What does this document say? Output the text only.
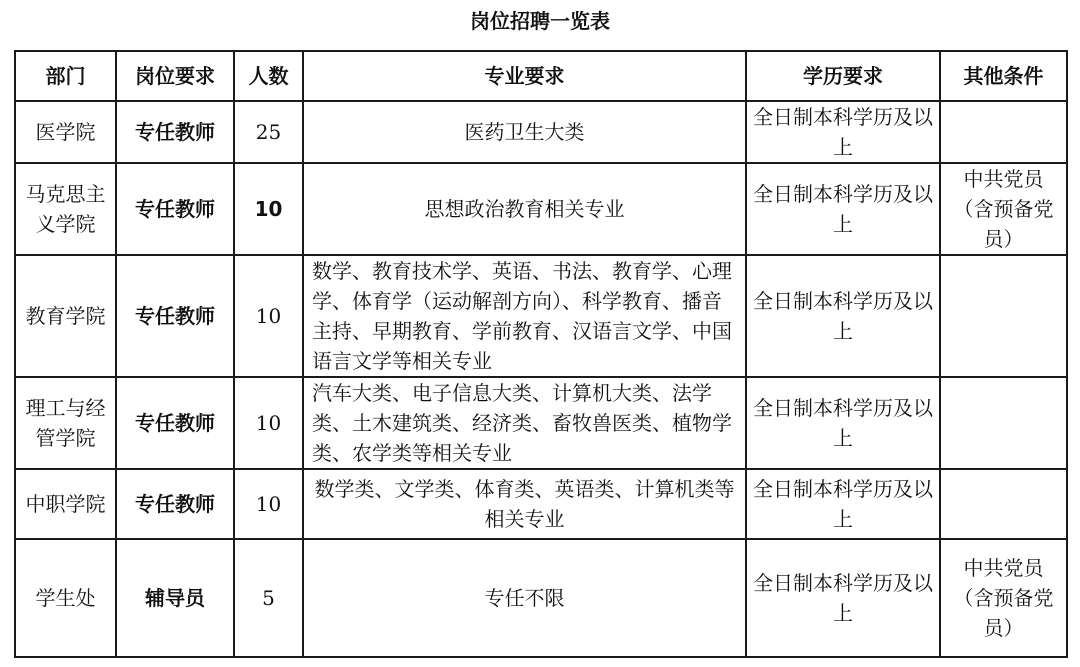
岗位招聘一览表
部门	岗位要求	人数	专业要求	学历要求	其他条件
医学院	专任教师	25	医药卫生大类	全日制本科学历及以上	
马克思主义学院	专任教师	10	思想政治教育相关专业	全日制本科学历及以上	中共党员（含预备党员）
教育学院	专任教师	10	数学、教育技术学、英语、书法、教育学、心理学、体育学（运动解剖方向）、科学教育、播音主持、早期教育、学前教育、汉语言文学、中国语言文学等相关专业	全日制本科学历及以上	
理工与经管学院	专任教师	10	汽车大类、电子信息大类、计算机大类、法学类、土木建筑类、经济类、畜牧兽医类、植物学类、农学类等相关专业	全日制本科学历及以上	
中职学院	专任教师	10	数学类、文学类、体育类、英语类、计算机类等相关专业	全日制本科学历及以上	
学生处	辅导员	5	专任不限	全日制本科学历及以上	中共党员（含预备党员）
